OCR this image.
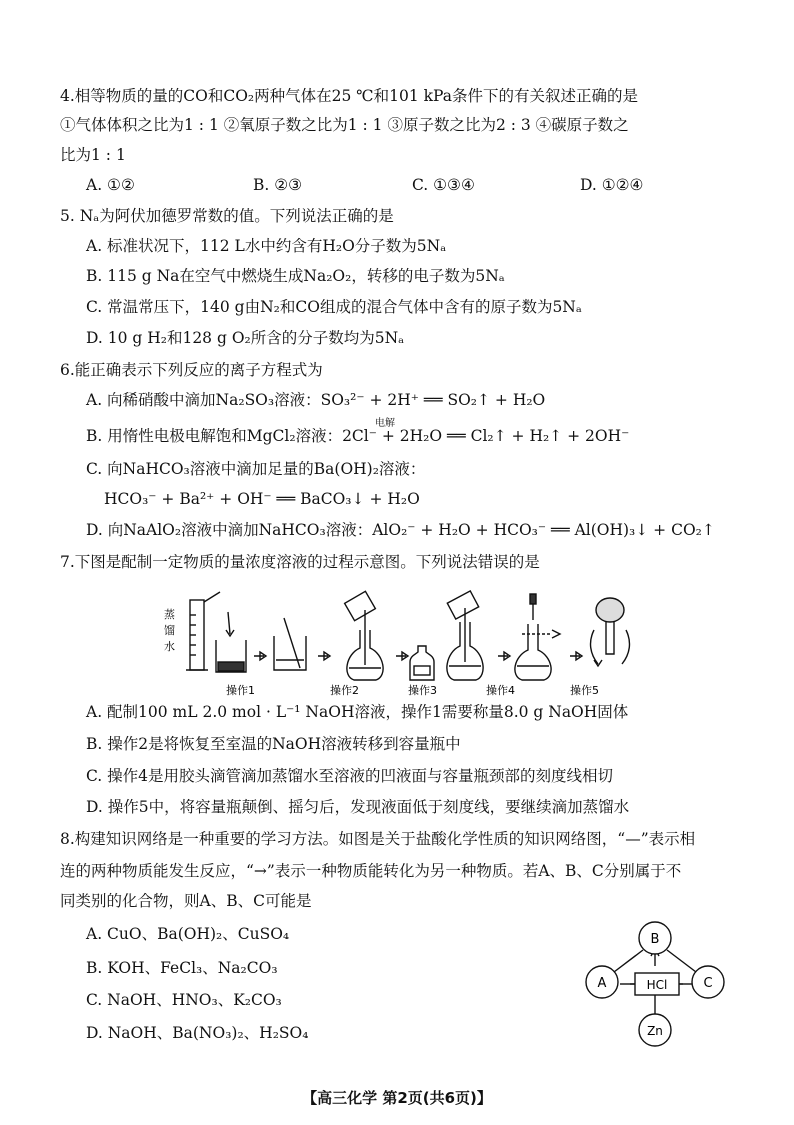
4.相等物质的量的CO和CO₂两种气体在25 ℃和101 kPa条件下的有关叙述正确的是
①气体体积之比为1 : 1 ②氧原子数之比为1 : 1 ③原子数之比为2 : 3 ④碳原子数之
比为1 : 1
A. ①②	B. ②③	C. ①③④	D. ①②④
5. Nₐ为阿伏加德罗常数的值。下列说法正确的是
A. 标准状况下，112 L水中约含有H₂O分子数为5Nₐ
B. 115 g Na在空气中燃烧生成Na₂O₂，转移的电子数为5Nₐ
C. 常温常压下，140 g由N₂和CO组成的混合气体中含有的原子数为5Nₐ
D. 10 g H₂和128 g O₂所含的分子数均为5Nₐ
6.能正确表示下列反应的离子方程式为
A. 向稀硝酸中滴加Na₂SO₃溶液：SO₃²⁻ + 2H⁺ ══ SO₂↑ + H₂O
电解
B. 用惰性电极电解饱和MgCl₂溶液：2Cl⁻ + 2H₂O ══ Cl₂↑ + H₂↑ + 2OH⁻
C. 向NaHCO₃溶液中滴加足量的Ba(OH)₂溶液：
HCO₃⁻ + Ba²⁺ + OH⁻ ══ BaCO₃↓ + H₂O
D. 向NaAlO₂溶液中滴加NaHCO₃溶液：AlO₂⁻ + H₂O + HCO₃⁻ ══ Al(OH)₃↓ + CO₂↑
7.下图是配制一定物质的量浓度溶液的过程示意图。下列说法错误的是
蒸
馏
水
操作1	操作2	操作3	操作4	操作5
A. 配制100 mL 2.0 mol · L⁻¹ NaOH溶液，操作1需要称量8.0 g NaOH固体
B. 操作2是将恢复至室温的NaOH溶液转移到容量瓶中
C. 操作4是用胶头滴管滴加蒸馏水至溶液的凹液面与容量瓶颈部的刻度线相切
D. 操作5中，将容量瓶颠倒、摇匀后，发现液面低于刻度线，要继续滴加蒸馏水
8.构建知识网络是一种重要的学习方法。如图是关于盐酸化学性质的知识网络图，“—”表示相
连的两种物质能发生反应，“→”表示一种物质能转化为另一种物质。若A、B、C分别属于不
同类别的化合物，则A、B、C可能是
A. CuO、Ba(OH)₂、CuSO₄
B. KOH、FeCl₃、Na₂CO₃
C. NaOH、HNO₃、K₂CO₃
D. NaOH、Ba(NO₃)₂、H₂SO₄
B
A	C
HCl
Zn
【高三化学 第2页(共6页)】
